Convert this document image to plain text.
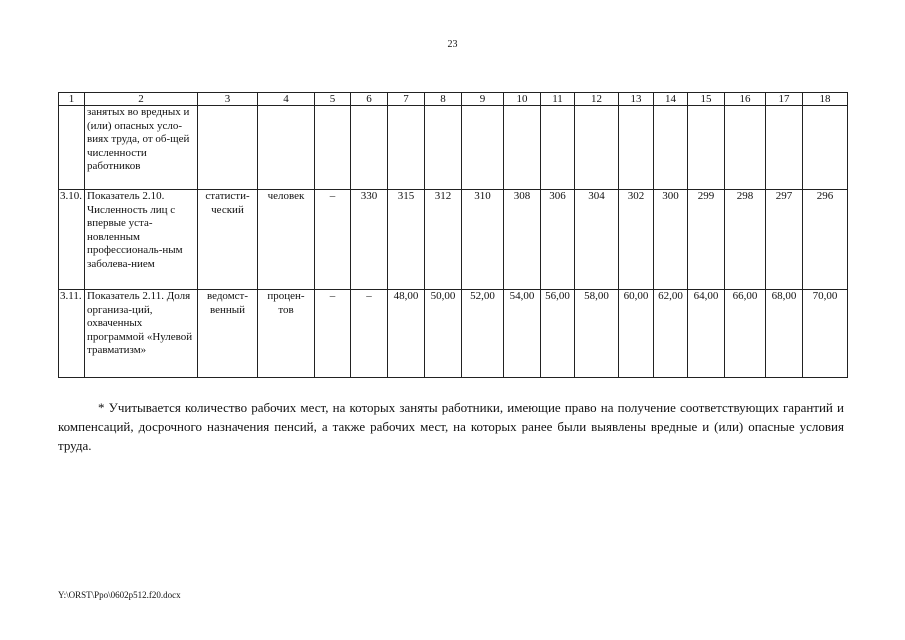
23
1	2	3	4	5	6	7	8	9	10	11	12	13	14	15	16	17	18
	занятых во вредных и (или) опасных усло-виях труда, от об-щей численности работников																
3.10.	Показатель 2.10. Численность лиц с впервые уста-новленным профессиональ-ным заболева-нием	статисти-ческий	человек	–	330	315	312	310	308	306	304	302	300	299	298	297	296
3.11.	Показатель 2.11. Доля организа-ций, охваченных программой «Нулевой травматизм»	ведомст-венный	процен-тов	–	–	48,00	50,00	52,00	54,00	56,00	58,00	60,00	62,00	64,00	66,00	68,00	70,00
* Учитывается количество рабочих мест, на которых заняты работники, имеющие право на получение соответствующих гарантий и компенсаций, досрочного назначения пенсий, а также рабочих мест, на которых ранее были выявлены вредные и (или) опасные условия труда.
Y:\ORST\Ppo\0602p512.f20.docx
